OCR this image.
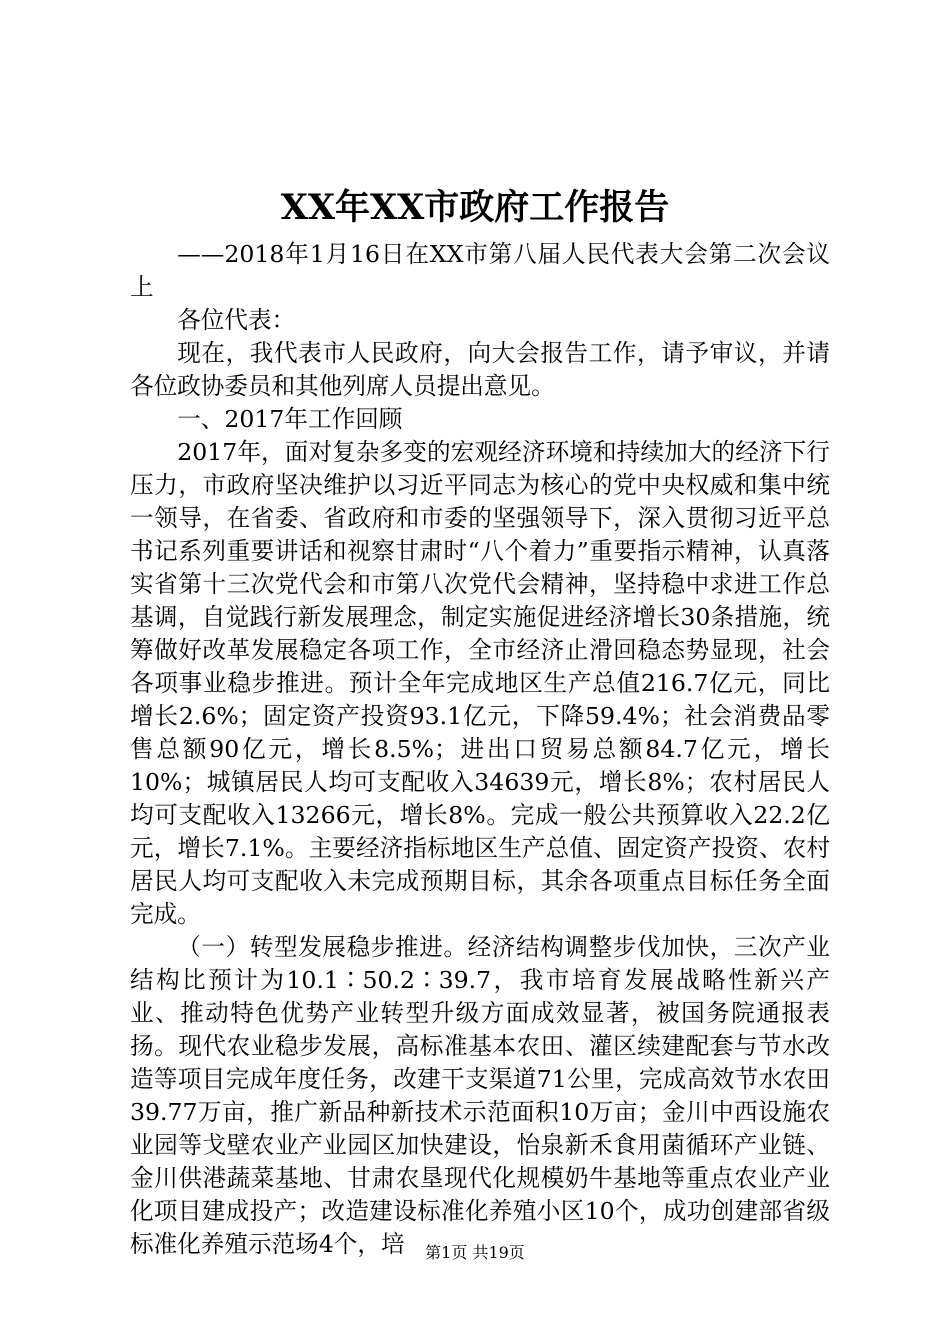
XX年XX市政府工作报告

——2018年1月16日在XX市第八届人民代表大会第二次会议上

各位代表：

现在，我代表市人民政府，向大会报告工作，请予审议，并请各位政协委员和其他列席人员提出意见。

一、2017年工作回顾

2017年，面对复杂多变的宏观经济环境和持续加大的经济下行压力，市政府坚决维护以习近平同志为核心的党中央权威和集中统一领导，在省委、省政府和市委的坚强领导下，深入贯彻习近平总书记系列重要讲话和视察甘肃时“八个着力”重要指示精神，认真落实省第十三次党代会和市第八次党代会精神，坚持稳中求进工作总基调，自觉践行新发展理念，制定实施促进经济增长30条措施，统筹做好改革发展稳定各项工作，全市经济止滑回稳态势显现，社会各项事业稳步推进。预计全年完成地区生产总值216.7亿元，同比增长2.6%；固定资产投资93.1亿元，下降59.4%；社会消费品零售总额90亿元，增长8.5%；进出口贸易总额84.7亿元，增长10%；城镇居民人均可支配收入34639元，增长8%；农村居民人均可支配收入13266元，增长8%。完成一般公共预算收入22.2亿元，增长7.1%。主要经济指标地区生产总值、固定资产投资、农村居民人均可支配收入未完成预期目标，其余各项重点目标任务全面完成。

（一）转型发展稳步推进。经济结构调整步伐加快，三次产业结构比预计为10.1∶50.2∶39.7，我市培育发展战略性新兴产业、推动特色优势产业转型升级方面成效显著，被国务院通报表扬。现代农业稳步发展，高标准基本农田、灌区续建配套与节水改造等项目完成年度任务，改建干支渠道71公里，完成高效节水农田39.77万亩，推广新品种新技术示范面积10万亩；金川中西设施农业园等戈壁农业产业园区加快建设，怡泉新禾食用菌循环产业链、金川供港蔬菜基地、甘肃农垦现代化规模奶牛基地等重点农业产业化项目建成投产；改造建设标准化养殖小区10个，成功创建部省级标准化养殖示范场4个，培	第1页 共19页
